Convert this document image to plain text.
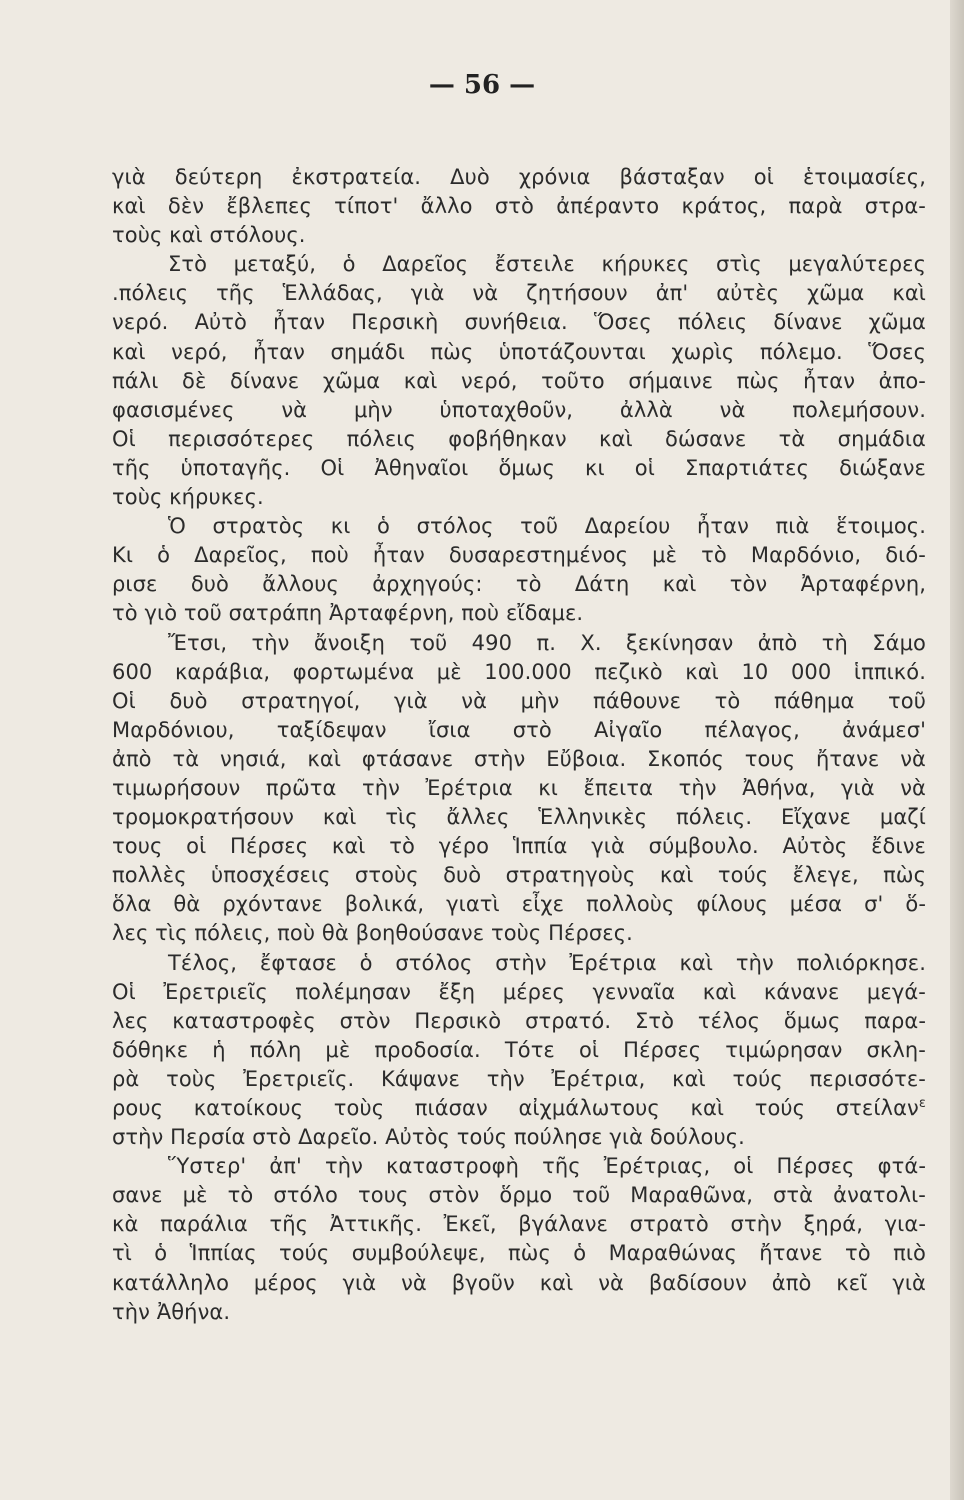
— 56 —
γιὰ δεύτερη ἐκστρατεία. Δυὸ χρόνια βάσταξαν οἱ ἑτοιμασίες,
καὶ δὲν ἔβλεπες τίποτ' ἄλλο στὸ ἀπέραντο κράτος, παρὰ στρα-
τοὺς καὶ στόλους.
Στὸ μεταξύ, ὁ Δαρεῖος ἔστειλε κήρυκες στὶς μεγαλύτερες
.πόλεις τῆς Ἑλλάδας, γιὰ νὰ ζητήσουν ἀπ' αὐτὲς χῶμα καὶ
νερό. Αὐτὸ ἦταν Περσικὴ συνήθεια. Ὅσες πόλεις δίνανε χῶμα
καὶ νερό, ἦταν σημάδι πὼς ὑποτάζουνται χωρὶς πόλεμο. Ὅσες
πάλι δὲ δίνανε χῶμα καὶ νερό, τοῦτο σήμαινε πὼς ἦταν ἀπο-
φασισμένες νὰ μὴν ὑποταχθοῦν, ἀλλὰ νὰ πολεμήσουν.
Οἱ περισσότερες πόλεις φοβήθηκαν καὶ δώσανε τὰ σημάδια
τῆς ὑποταγῆς. Οἱ Ἀθηναῖοι ὅμως κι οἱ Σπαρτιάτες διώξανε
τοὺς κήρυκες.
Ὁ στρατὸς κι ὁ στόλος τοῦ Δαρείου ἦταν πιὰ ἕτοιμος.
Κι ὁ Δαρεῖος, ποὺ ἦταν δυσαρεστημένος μὲ τὸ Μαρδόνιο, διό-
ρισε δυὸ ἄλλους ἀρχηγούς: τὸ Δάτη καὶ τὸν Ἀρταφέρνη,
τὸ γιὸ τοῦ σατράπη Ἀρταφέρνη, ποὺ εἴδαμε.
Ἔτσι, τὴν ἄνοιξη τοῦ 490 π. Χ. ξεκίνησαν ἀπὸ τὴ Σάμο
600 καράβια, φορτωμένα μὲ 100.000 πεζικὸ καὶ 10 000 ἱππικό.
Οἱ δυὸ στρατηγοί, γιὰ νὰ μὴν πάθουνε τὸ πάθημα τοῦ
Μαρδόνιου, ταξίδεψαν ἴσια στὸ Αἰγαῖο πέλαγος, ἀνάμεσ'
ἀπὸ τὰ νησιά, καὶ φτάσανε στὴν Εὔβοια. Σκοπός τους ἤτανε νὰ
τιμωρήσουν πρῶτα τὴν Ἐρέτρια κι ἔπειτα τὴν Ἀθήνα, γιὰ νὰ
τρομοκρατήσουν καὶ τὶς ἄλλες Ἑλληνικὲς πόλεις. Εἴχανε μαζί
τους οἱ Πέρσες καὶ τὸ γέρο Ἱππία γιὰ σύμβουλο. Αὐτὸς ἔδινε
πολλὲς ὑποσχέσεις στοὺς δυὸ στρατηγοὺς καὶ τούς ἔλεγε, πὼς
ὅλα θὰ ρχόντανε βολικά, γιατὶ εἶχε πολλοὺς φίλους μέσα σ' ὅ-
λες τὶς πόλεις, ποὺ θὰ βοηθούσανε τοὺς Πέρσες.
Τέλος, ἔφτασε ὁ στόλος στὴν Ἐρέτρια καὶ τὴν πολιόρκησε.
Οἱ Ἐρετριεῖς πολέμησαν ἔξη μέρες γενναῖα καὶ κάνανε μεγά-
λες καταστροφὲς στὸν Περσικὸ στρατό. Στὸ τέλος ὅμως παρα-
δόθηκε ἡ πόλη μὲ προδοσία. Τότε οἱ Πέρσες τιμώρησαν σκλη-
ρὰ τοὺς Ἐρετριεῖς. Κάψανε τὴν Ἐρέτρια, καὶ τούς περισσότε-
ρους κατοίκους τοὺς πιάσαν αἰχμάλωτους καὶ τούς στείλαν$^\varepsilon$
στὴν Περσία στὸ Δαρεῖο. Αὐτὸς τούς πούλησε γιὰ δούλους.
Ὕστερ' ἀπ' τὴν καταστροφὴ τῆς Ἐρέτριας, οἱ Πέρσες φτά-
σανε μὲ τὸ στόλο τους στὸν ὅρμο τοῦ Μαραθῶνα, στὰ ἀνατολι-
κὰ παράλια τῆς Ἀττικῆς. Ἐκεῖ, βγάλανε στρατὸ στὴν ξηρά, για-
τὶ ὁ Ἱππίας τούς συμβούλεψε, πὼς ὁ Μαραθώνας ἤτανε τὸ πιὸ
κατάλληλο μέρος γιὰ νὰ βγοῦν καὶ νὰ βαδίσουν ἀπὸ κεῖ γιὰ
τὴν Ἀθήνα.
